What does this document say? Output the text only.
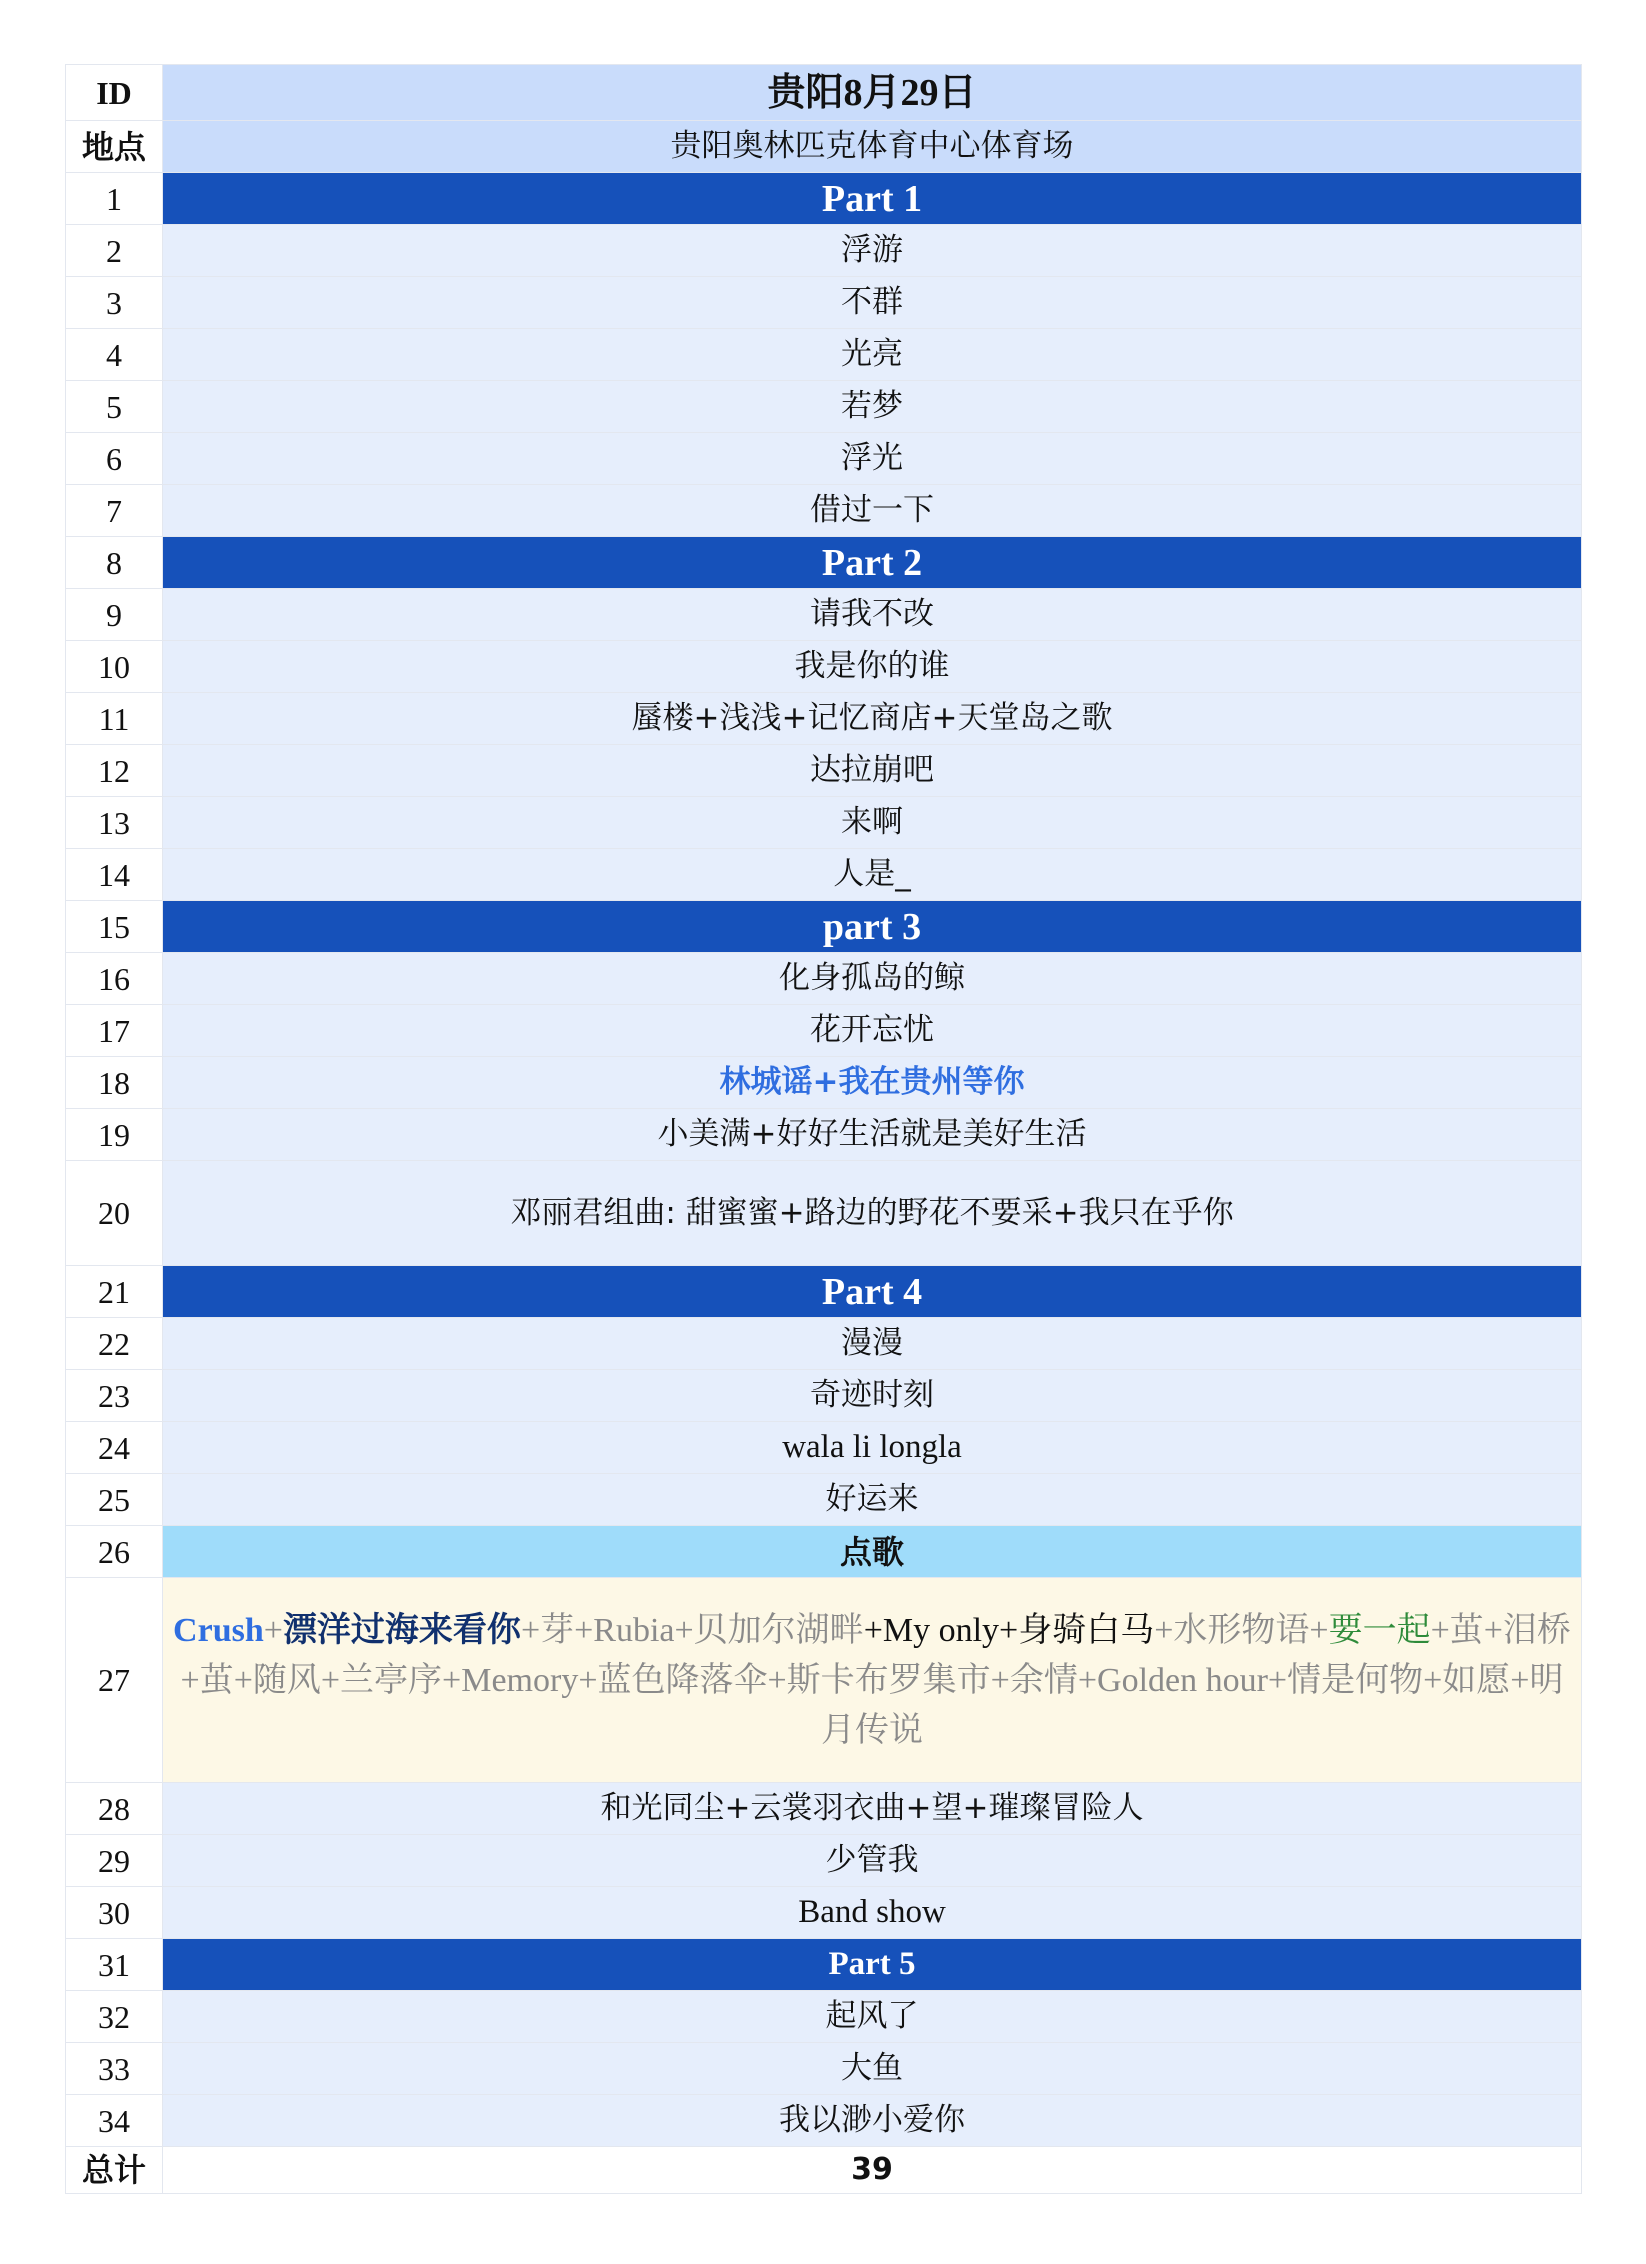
ID	贵阳8月29日
地点	贵阳奥林匹克体育中心体育场
1	Part 1
2	浮游
3	不群
4	光亮
5	若梦
6	浮光
7	借过一下
8	Part 2
9	请我不改
10	我是你的谁
11	蜃楼+浅浅+记忆商店+天堂岛之歌
12	达拉崩吧
13	来啊
14	人是_
15	part 3
16	化身孤岛的鲸
17	花开忘忧
18	林城谣+我在贵州等你
19	小美满+好好生活就是美好生活
20	邓丽君组曲: 甜蜜蜜+路边的野花不要采+我只在乎你
21	Part 4
22	漫漫
23	奇迹时刻
24	wala li longla
25	好运来
26	点歌
27	Crush+漂洋过海来看你+芽+Rubia+贝加尔湖畔+My only+身骑白马+水形物语+要一起+茧+泪桥+茧+随风+兰亭序+Memory+蓝色降落伞+斯卡布罗集市+余情+Golden hour+情是何物+如愿+明月传说
28	和光同尘+云裳羽衣曲+望+璀璨冒险人
29	少管我
30	Band show
31	Part 5
32	起风了
33	大鱼
34	我以渺小爱你
总计	39
